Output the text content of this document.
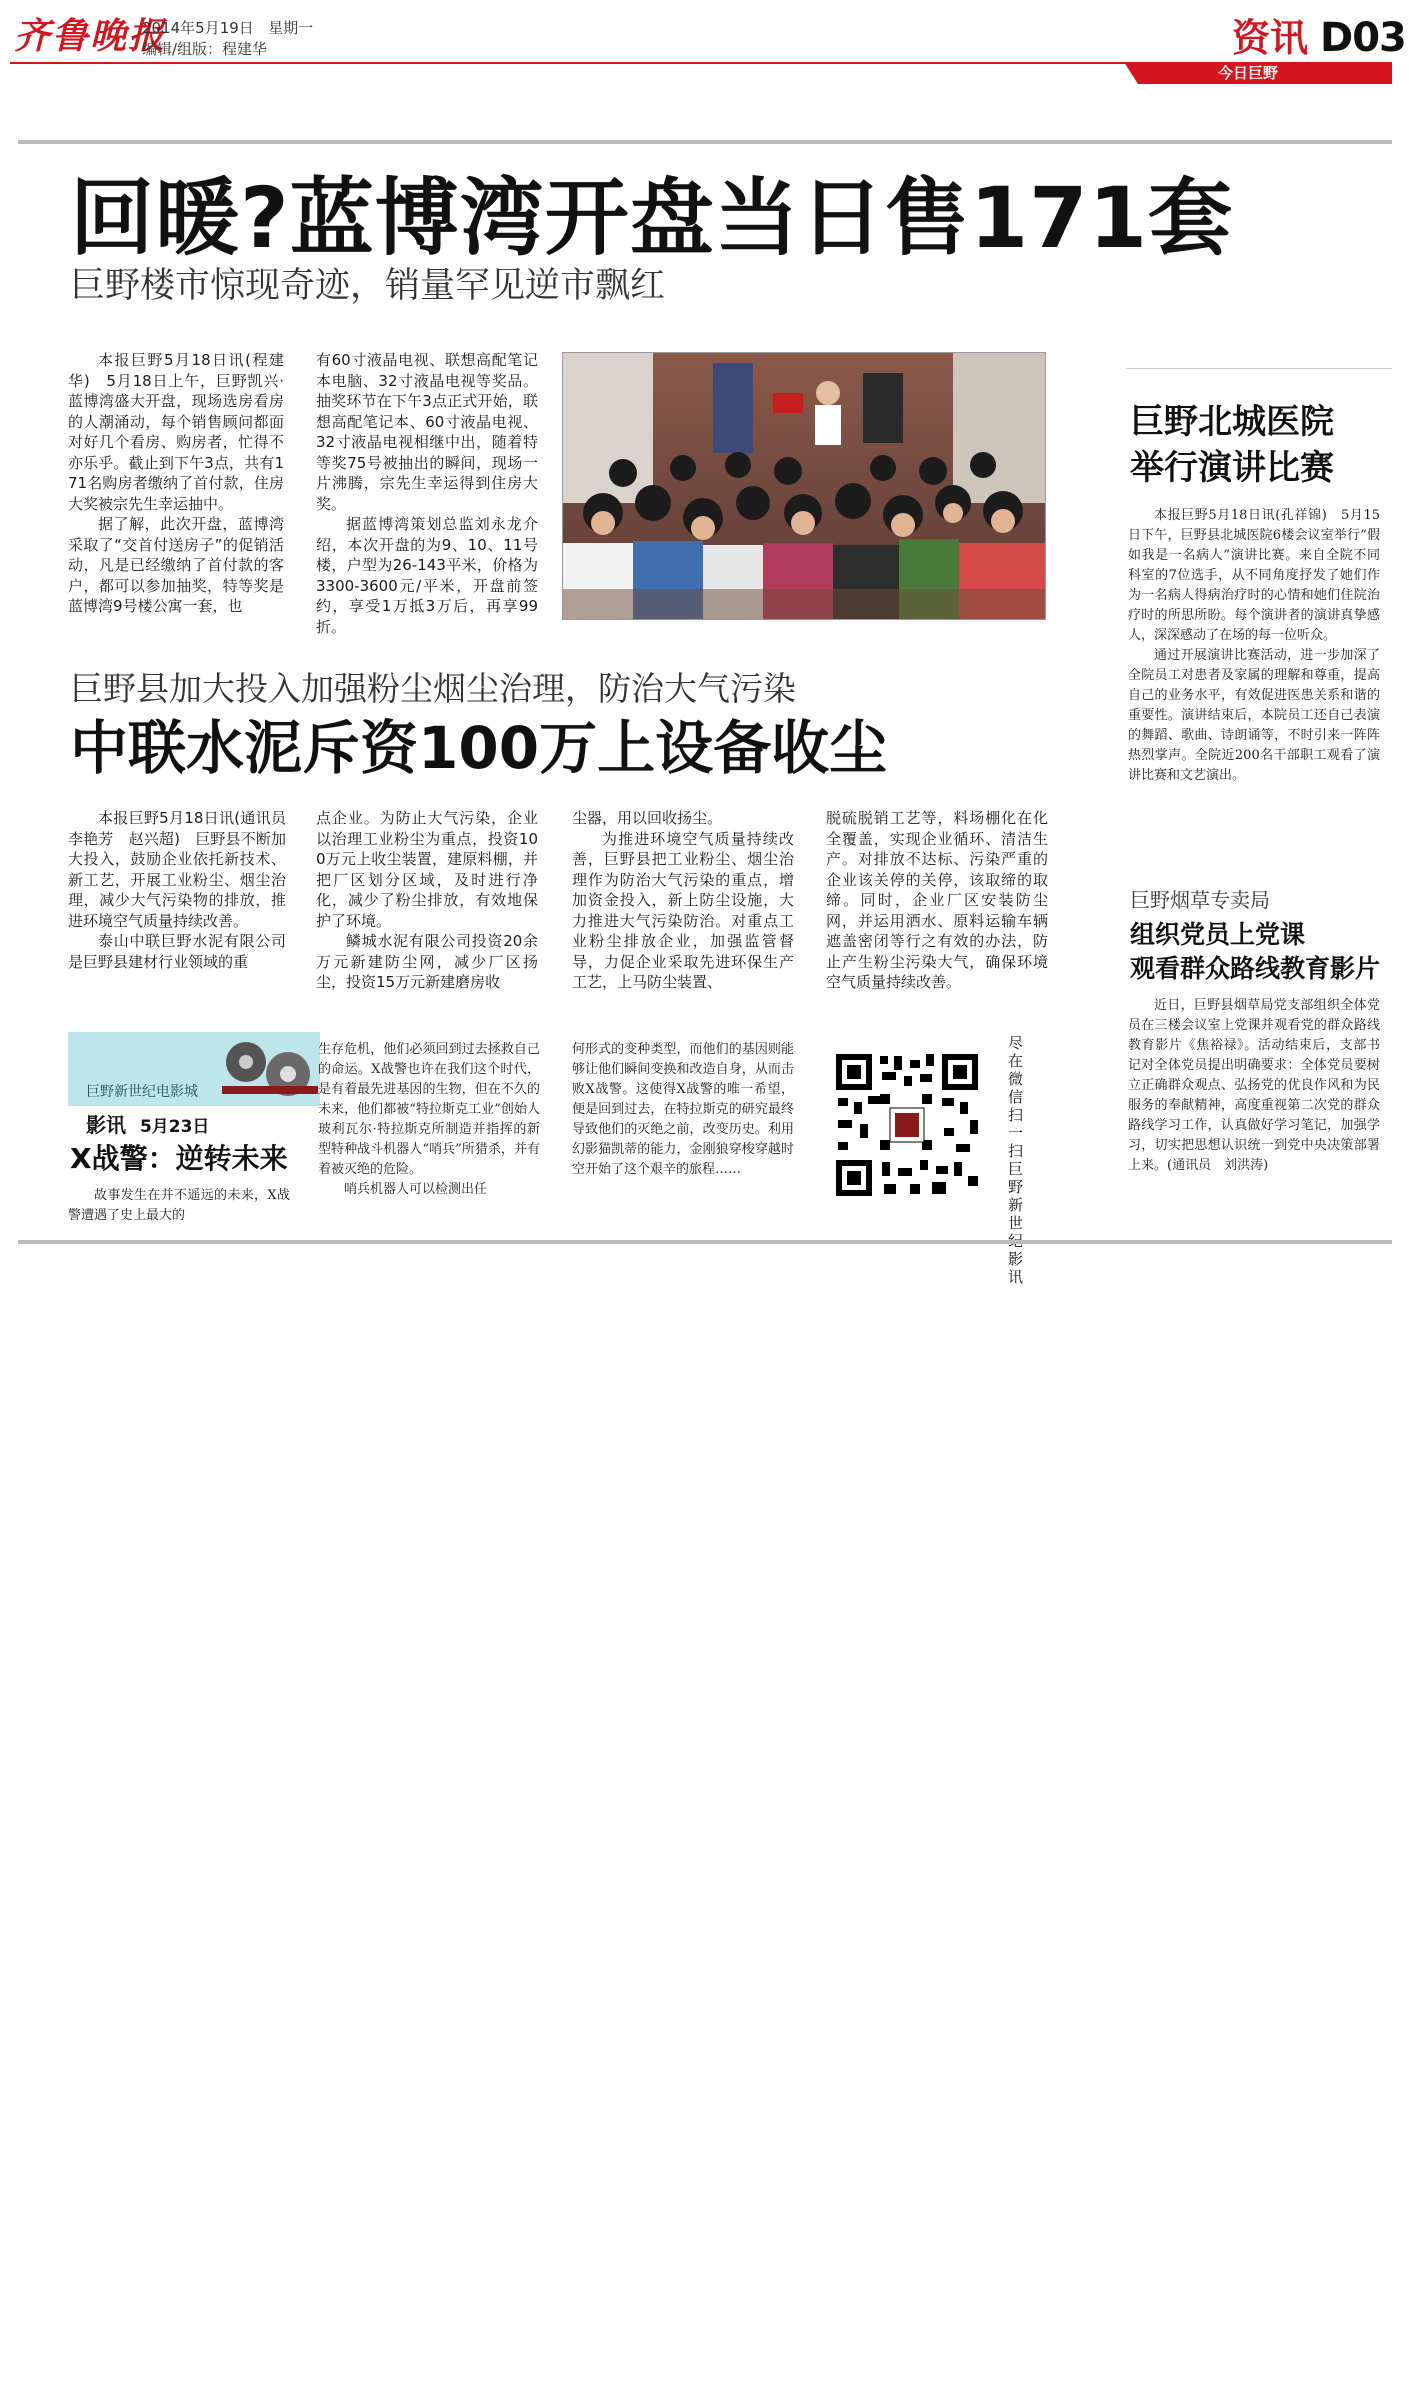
齐鲁晚报
2014年5月19日 星期一
编辑/组版：程建华	资讯 D03
今日巨野
回暖?蓝博湾开盘当日售171套
巨野楼市惊现奇迹，销量罕见逆市飘红

本报巨野5月18日讯(程建华)　5月18日上午，巨野凯兴·蓝博湾盛大开盘，现场选房看房的人潮涌动，每个销售顾问都面对好几个看房、购房者，忙得不亦乐乎。截止到下午3点，共有171名购房者缴纳了首付款，住房大奖被宗先生幸运抽中。

据了解，此次开盘，蓝博湾采取了“交首付送房子”的促销活动，凡是已经缴纳了首付款的客户，都可以参加抽奖，特等奖是蓝博湾9号楼公寓一套，也

有60寸液晶电视、联想高配笔记本电脑、32寸液晶电视等奖品。抽奖环节在下午3点正式开始，联想高配笔记本、60寸液晶电视、32寸液晶电视相继中出，随着特等奖75号被抽出的瞬间，现场一片沸腾，宗先生幸运得到住房大奖。

据蓝博湾策划总监刘永龙介绍，本次开盘的为9、10、11号楼，户型为26-143平米，价格为3300-3600元/平米，开盘前签约，享受1万抵3万后，再享99折。

巨野北城医院
举行演讲比赛

本报巨野5月18日讯(孔祥锦)　5月15日下午，巨野县北城医院6楼会议室举行“假如我是一名病人”演讲比赛。来自全院不同科室的7位选手，从不同角度抒发了她们作为一名病人得病治疗时的心情和她们住院治疗时的所思所盼。每个演讲者的演讲真挚感人，深深感动了在场的每一位听众。

通过开展演讲比赛活动，进一步加深了全院员工对患者及家属的理解和尊重，提高自己的业务水平，有效促进医患关系和谐的重要性。演讲结束后，本院员工还自己表演的舞蹈、歌曲、诗朗诵等，不时引来一阵阵热烈掌声。全院近200名干部职工观看了演讲比赛和文艺演出。

巨野县加大投入加强粉尘烟尘治理，防治大气污染
中联水泥斥资100万上设备收尘

本报巨野5月18日讯(通讯员　李艳芳　赵兴超)　巨野县不断加大投入，鼓励企业依托新技术、新工艺，开展工业粉尘、烟尘治理，减少大气污染物的排放，推进环境空气质量持续改善。

泰山中联巨野水泥有限公司是巨野县建材行业领域的重

点企业。为防止大气污染，企业以治理工业粉尘为重点，投资100万元上收尘装置，建原料棚，并把厂区划分区域，及时进行净化，减少了粉尘排放，有效地保护了环境。

鳞城水泥有限公司投资20余万元新建防尘网，减少厂区扬尘，投资15万元新建磨房收

尘器，用以回收扬尘。

为推进环境空气质量持续改善，巨野县把工业粉尘、烟尘治理作为防治大气污染的重点，增加资金投入，新上防尘设施，大力推进大气污染防治。对重点工业粉尘排放企业，加强监管督导，力促企业采取先进环保生产工艺，上马防尘装置、

脱硫脱销工艺等，料场棚化在化全覆盖，实现企业循环、清洁生产。对排放不达标、污染严重的企业该关停的关停，该取缔的取缔。同时，企业厂区安装防尘网，并运用洒水、原料运输车辆遮盖密闭等行之有效的办法，防止产生粉尘污染大气，确保环境空气质量持续改善。

巨野烟草专卖局
组织党员上党课
观看群众路线教育影片

近日，巨野县烟草局党支部组织全体党员在三楼会议室上党课并观看党的群众路线教育影片《焦裕禄》。活动结束后，支部书记对全体党员提出明确要求：全体党员要树立正确群众观点、弘扬党的优良作风和为民服务的奉献精神，高度重视第二次党的群众路线学习工作，认真做好学习笔记，加强学习，切实把思想认识统一到党中央决策部署上来。(通讯员　刘洪涛)

巨野新世纪电影城
影讯 5月23日
X战警：逆转未来

故事发生在并不遥远的未来，X战警遭遇了史上最大的

生存危机，他们必须回到过去拯救自己的命运。X战警也许在我们这个时代，是有着最先进基因的生物，但在不久的未来，他们都被“特拉斯克工业”创始人玻利瓦尔·特拉斯克所制造并指挥的新型特种战斗机器人“哨兵”所猎杀，并有着被灭绝的危险。

哨兵机器人可以检测出任

何形式的变种类型，而他们的基因则能够让他们瞬间变换和改造自身，从而击败X战警。这使得X战警的唯一希望，便是回到过去，在特拉斯克的研究最终导致他们的灭绝之前，改变历史。利用幻影猫凯蒂的能力，金刚狼穿梭穿越时空开始了这个艰辛的旅程……

尽在微信扫一扫巨野新世 影讯
